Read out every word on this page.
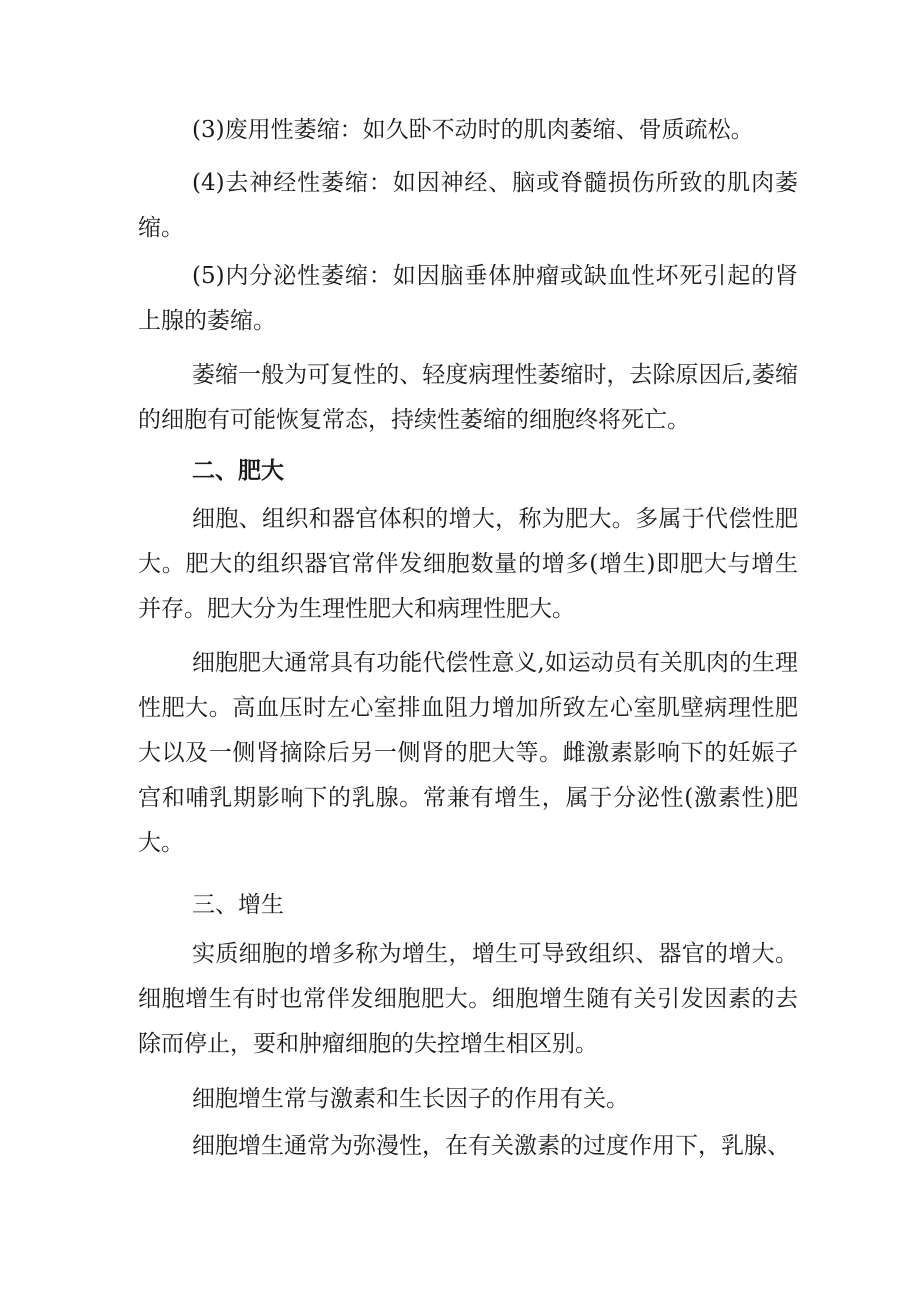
(3)废用性萎缩：如久卧不动时的肌肉萎缩、骨质疏松。

(4)去神经性萎缩：如因神经、脑或脊髓损伤所致的肌肉萎缩。

(5)内分泌性萎缩：如因脑垂体肿瘤或缺血性坏死引起的肾上腺的萎缩。

萎缩一般为可复性的、轻度病理性萎缩时，去除原因后,萎缩的细胞有可能恢复常态，持续性萎缩的细胞终将死亡。

二、肥大

细胞、组织和器官体积的增大，称为肥大。多属于代偿性肥大。肥大的组织器官常伴发细胞数量的增多(增生)即肥大与增生并存。肥大分为生理性肥大和病理性肥大。

细胞肥大通常具有功能代偿性意义,如运动员有关肌肉的生理性肥大。高血压时左心室排血阻力增加所致左心室肌壁病理性肥大以及一侧肾摘除后另一侧肾的肥大等。雌激素影响下的妊娠子宫和哺乳期影响下的乳腺。常兼有增生，属于分泌性(激素性)肥大。

三、增生

实质细胞的增多称为增生，增生可导致组织、器官的增大。细胞增生有时也常伴发细胞肥大。细胞增生随有关引发因素的去除而停止，要和肿瘤细胞的失控增生相区别。

细胞增生常与激素和生长因子的作用有关。

细胞增生通常为弥漫性，在有关激素的过度作用下，乳腺、
